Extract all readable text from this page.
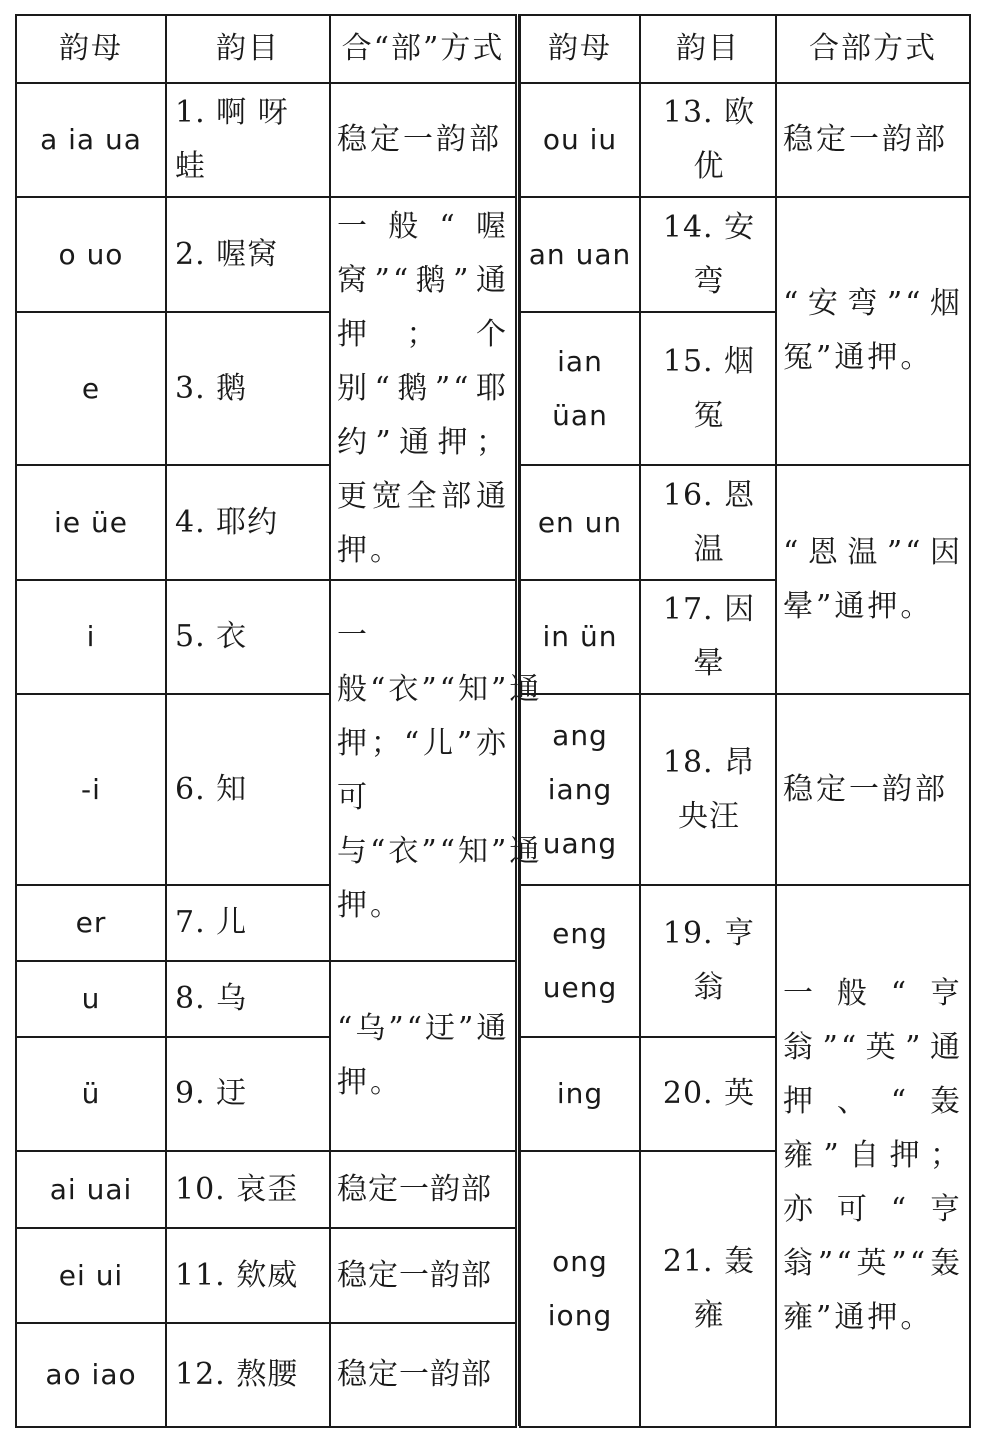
韵母	韵目	合“部”方式
a ia ua	1. 啊 呀 蛙	稳定一韵部
o uo	2. 喔窝	一般“喔窝”“鹅”通押；个别“鹅”“耶约”通押；更宽全部通押。
e	3. 鹅	
ie üe	4. 耶约	
i	5. 衣	一般“衣”“知”通押；“儿”亦可与“衣”“知”通押。
-i	6. 知	
er	7. 儿	
u	8. 乌	“乌”“迂”通押。
ü	9. 迂	
ai uai	10. 哀歪	稳定一韵部
ei ui	11. 欸威	稳定一韵部
ao iao	12. 熬腰	稳定一韵部
韵母	韵目	合部方式
ou iu	13. 欧优	稳定一韵部
an uan	14. 安弯	“安弯”“烟冤”通押。
ian üan	15. 烟冤	
en un	16. 恩温	“恩温”“因晕”通押。
in ün	17. 因晕	
ang iang uang	18. 昂央汪	稳定一韵部
eng ueng	19. 亨翁	一般“亨翁”“英”通押、“轰雍”自押；亦可“亨翁”“英”“轰雍”通押。
ing	20. 英	
ong iong	21. 轰雍	
